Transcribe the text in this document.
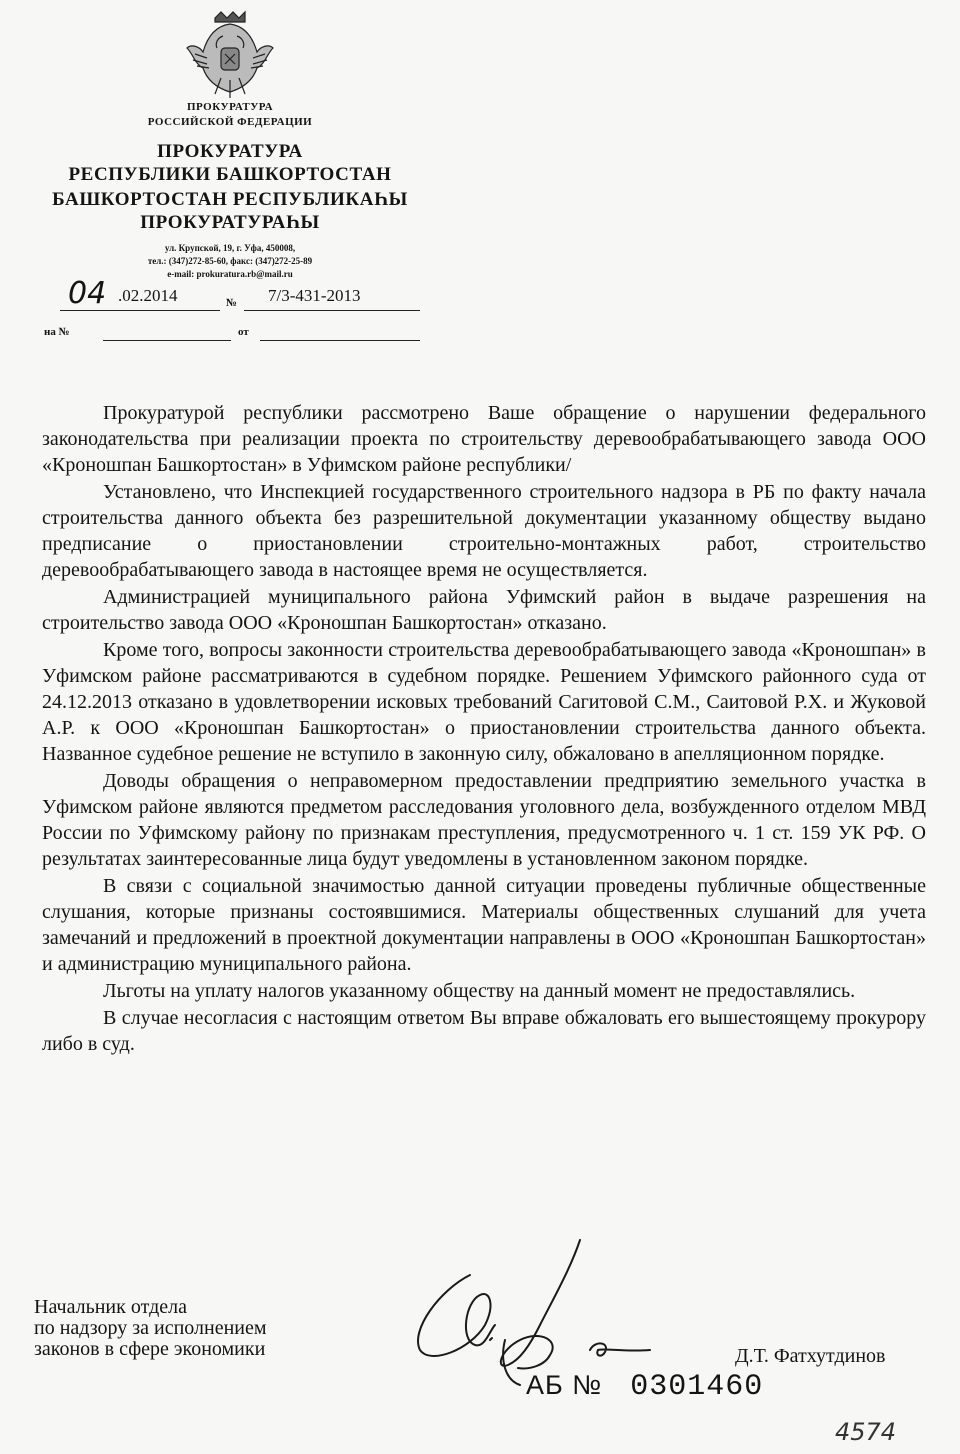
ПРОКУРАТУРА
РОССИЙСКОЙ ФЕДЕРАЦИИ
ПРОКУРАТУРА
РЕСПУБЛИКИ БАШКОРТОСТАН
БАШКОРТОСТАН РЕСПУБЛИКАҺЫ
ПРОКУРАТУРАҺЫ
ул. Крупской, 19, г. Уфа, 450008,
тел.: (347)272-85-60, факс: (347)272-25-89
e-mail: prokuratura.rb@mail.ru
04 .02.2014	№ 7/3-431-2013
на №	от

Прокуратурой республики рассмотрено Ваше обращение о нарушении федерального законодательства при реализации проекта по строительству деревообрабатывающего завода ООО «Кроношпан Башкортостан» в Уфимском районе республики/

Установлено, что Инспекцией государственного строительного надзора в РБ по факту начала строительства данного объекта без разрешительной документации указанному обществу выдано предписание о приостановлении строительно-монтажных работ, строительство деревообрабатывающего завода в настоящее время не осуществляется.

Администрацией муниципального района Уфимский район в выдаче разрешения на строительство завода ООО «Кроношпан Башкортостан» отказано.

Кроме того, вопросы законности строительства деревообрабатывающего завода «Кроношпан» в Уфимском районе рассматриваются в судебном порядке. Решением Уфимского районного суда от 24.12.2013 отказано в удовлетворении исковых требований Сагитовой С.М., Саитовой Р.Х. и Жуковой А.Р. к ООО «Кроношпан Башкортостан» о приостановлении строительства данного объекта. Названное судебное решение не вступило в законную силу, обжаловано в апелляционном порядке.

Доводы обращения о неправомерном предоставлении предприятию земельного участка в Уфимском районе являются предметом расследования уголовного дела, возбужденного отделом МВД России по Уфимскому району по признакам преступления, предусмотренного ч. 1 ст. 159 УК РФ. О результатах заинтересованные лица будут уведомлены в установленном законом порядке.

В связи с социальной значимостью данной ситуации проведены публичные общественные слушания, которые признаны состоявшимися. Материалы общественных слушаний для учета замечаний и предложений в проектной документации направлены в ООО «Кроношпан Башкортостан» и администрацию муниципального района.

Льготы на уплату налогов указанному обществу на данный момент не предоставлялись.

В случае несогласия с настоящим ответом Вы вправе обжаловать его вышестоящему прокурору либо в суд.

Начальник отдела
по надзору за исполнением
законов в сфере экономики	Д.Т. Фатхутдинов
АБ № 0301460
4574
